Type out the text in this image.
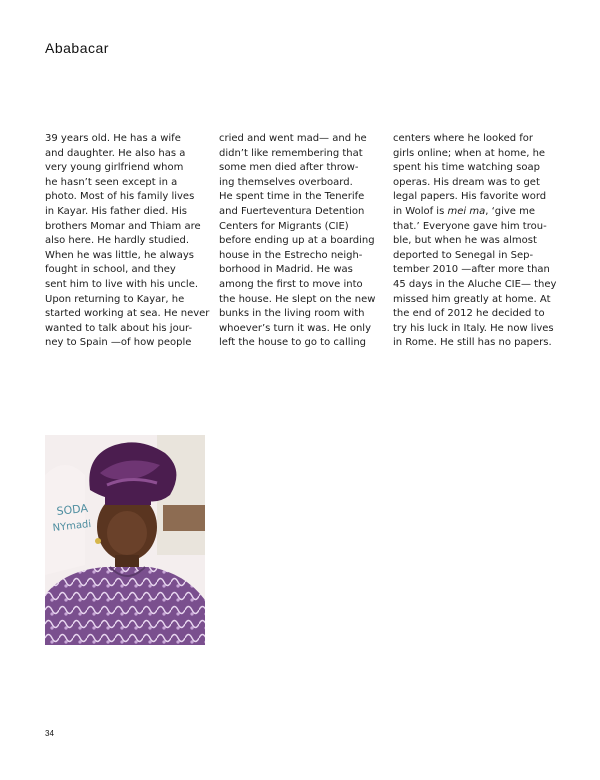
Ababacar
39 years old. He has a wife
and daughter. He also has a
very young girlfriend whom
he hasn’t seen except in a
photo. Most of his family lives
in Kayar. His father died. His
brothers Momar and Thiam are
also here. He hardly studied.
When he was little, he always
fought in school, and they
sent him to live with his uncle.
Upon returning to Kayar, he
started working at sea. He never
wanted to talk about his jour-
ney to Spain —of how people
cried and went mad— and he
didn’t like remembering that
some men died after throw-
ing themselves overboard.
He spent time in the Tenerife
and Fuerteventura Detention
Centers for Migrants (CIE)
before ending up at a boarding
house in the Estrecho neigh-
borhood in Madrid. He was
among the first to move into
the house. He slept on the new
bunks in the living room with
whoever’s turn it was. He only
left the house to go to calling
centers where he looked for
girls online; when at home, he
spent his time watching soap
operas. His dream was to get
legal papers. His favorite word
in Wolof is mei ma, ‘give me
that.’ Everyone gave him trou-
ble, but when he was almost
deported to Senegal in Sep-
tember 2010 —after more than
45 days in the Aluche CIE— they
missed him greatly at home. At
the end of 2012 he decided to
try his luck in Italy. He now lives
in Rome. He still has no papers.
SODA
NYmadi
34
